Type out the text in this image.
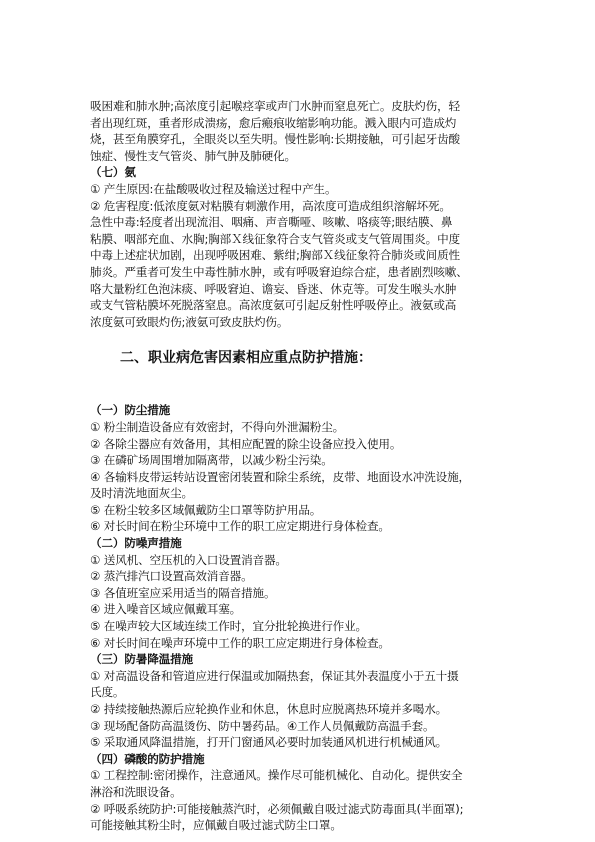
吸困难和肺水肿;高浓度引起喉痉挛或声门水肿而窒息死亡。皮肤灼伤，轻
者出现红斑，重者形成溃疡，愈后瘢痕收缩影响功能。溅入眼内可造成灼
烧，甚至角膜穿孔，全眼炎以至失明。慢性影响:长期接触，可引起牙齿酸
蚀症、慢性支气管炎、肺气肿及肺硬化。
（七）氨
① 产生原因:在盐酸吸收过程及输送过程中产生。
② 危害程度:低浓度氨对粘膜有刺激作用，高浓度可造成组织溶解坏死。
急性中毒:轻度者出现流泪、咽痛、声音嘶哑、咳嗽、咯痰等;眼结膜、鼻
粘膜、咽部充血、水胸;胸部Ｘ线征象符合支气管炎或支气管周围炎。中度
中毒上述症状加剧，出现呼吸困难、紫绀;胸部Ｘ线征象符合肺炎或间质性
肺炎。严重者可发生中毒性肺水肿，或有呼吸窘迫综合症，患者剧烈咳嗽、
咯大量粉红色泡沫痰、呼吸窘迫、谵妄、昏迷、休克等。可发生喉头水肿
或支气管粘膜坏死脱落窒息。高浓度氨可引起反射性呼吸停止。液氨或高
浓度氨可致眼灼伤;液氨可致皮肤灼伤。
二、职业病危害因素相应重点防护措施：
（一）防尘措施
① 粉尘制造设备应有效密封，不得向外泄漏粉尘。
② 各除尘器应有效备用，其相应配置的除尘设备应投入使用。
③ 在磷矿场周围增加隔离带，以减少粉尘污染。
④ 各输料皮带运转站设置密闭装置和除尘系统，皮带、地面设水冲洗设施，
及时清洗地面灰尘。
⑤ 在粉尘较多区域佩戴防尘口罩等防护用品。
⑥ 对长时间在粉尘环境中工作的职工应定期进行身体检查。
（二）防噪声措施
① 送风机、空压机的入口设置消音器。
② 蒸汽排汽口设置高效消音器。
③ 各值班室应采用适当的隔音措施。
④ 进入噪音区域应佩戴耳塞。
⑤ 在噪声较大区域连续工作时，宜分批轮换进行作业。
⑥ 对长时间在噪声环境中工作的职工应定期进行身体检查。
（三）防暑降温措施
① 对高温设备和管道应进行保温或加隔热套，保证其外表温度小于五十摄
氏度。
② 持续接触热源后应轮换作业和休息，休息时应脱离热环境并多喝水。
③ 现场配备防高温烫伤、防中暑药品。④工作人员佩戴防高温手套。
⑤ 采取通风降温措施，打开门窗通风必要时加装通风机进行机械通风。
（四）磷酸的防护措施
① 工程控制:密闭操作，注意通风。操作尽可能机械化、自动化。提供安全
淋浴和洗眼设备。
② 呼吸系统防护:可能接触蒸汽时，必须佩戴自吸过滤式防毒面具(半面罩);
可能接触其粉尘时，应佩戴自吸过滤式防尘口罩。
